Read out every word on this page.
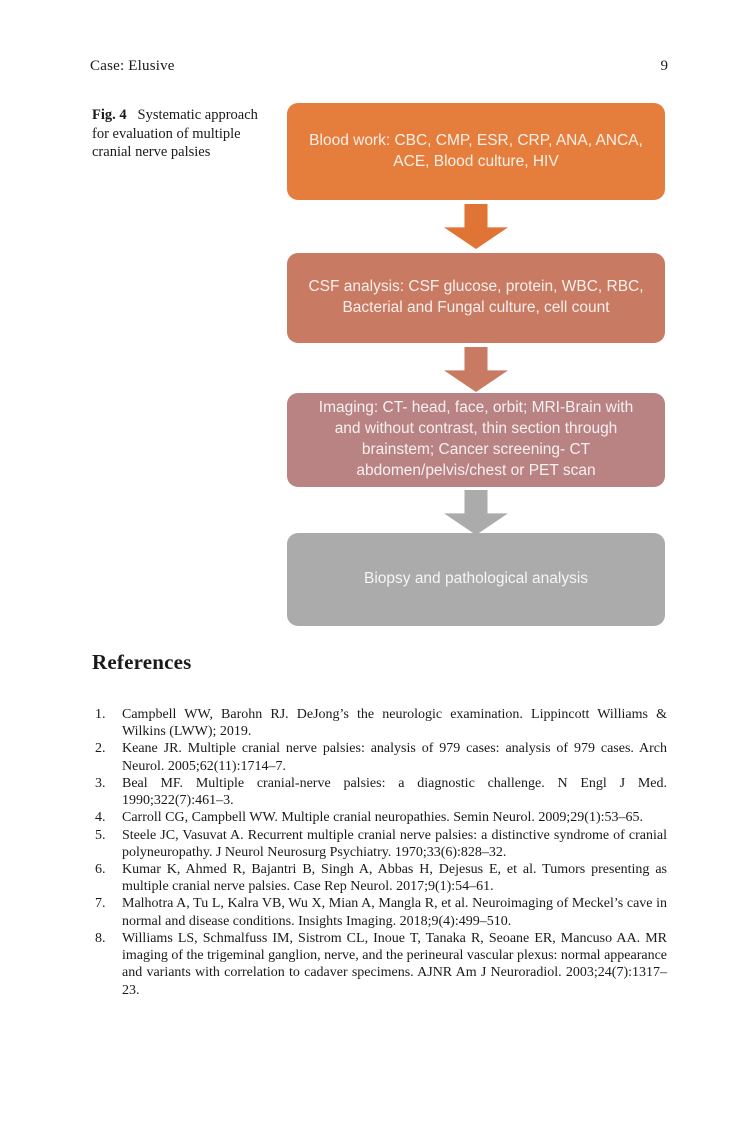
Case: Elusive	9
Fig. 4  Systematic approach for evaluation of multiple cranial nerve palsies
Blood work: CBC, CMP, ESR, CRP, ANA, ANCA, ACE, Blood culture, HIV
CSF analysis: CSF glucose, protein, WBC, RBC, Bacterial and Fungal culture, cell count
Imaging: CT- head, face, orbit; MRI-Brain with and without contrast, thin section through brainstem; Cancer screening- CT abdomen/pelvis/chest or PET scan
Biopsy and pathological analysis
References
1.	Campbell WW, Barohn RJ. DeJong’s the neurologic examination. Lippincott Williams & Wilkins (LWW); 2019.
2.	Keane JR. Multiple cranial nerve palsies: analysis of 979 cases: analysis of 979 cases. Arch Neurol. 2005;62(11):1714–7.
3.	Beal MF. Multiple cranial-nerve palsies: a diagnostic challenge. N Engl J Med. 1990;322(7):461–3.
4.	Carroll CG, Campbell WW. Multiple cranial neuropathies. Semin Neurol. 2009;29(1):53–65.
5.	Steele JC, Vasuvat A. Recurrent multiple cranial nerve palsies: a distinctive syndrome of cranial polyneuropathy. J Neurol Neurosurg Psychiatry. 1970;33(6):828–32.
6.	Kumar K, Ahmed R, Bajantri B, Singh A, Abbas H, Dejesus E, et al. Tumors presenting as multiple cranial nerve palsies. Case Rep Neurol. 2017;9(1):54–61.
7.	Malhotra A, Tu L, Kalra VB, Wu X, Mian A, Mangla R, et al. Neuroimaging of Meckel’s cave in normal and disease conditions. Insights Imaging. 2018;9(4):499–510.
8.	Williams LS, Schmalfuss IM, Sistrom CL, Inoue T, Tanaka R, Seoane ER, Mancuso AA. MR imaging of the trigeminal ganglion, nerve, and the perineural vascular plexus: normal appearance and variants with correlation to cadaver specimens. AJNR Am J Neuroradiol. 2003;24(7):1317–23.
